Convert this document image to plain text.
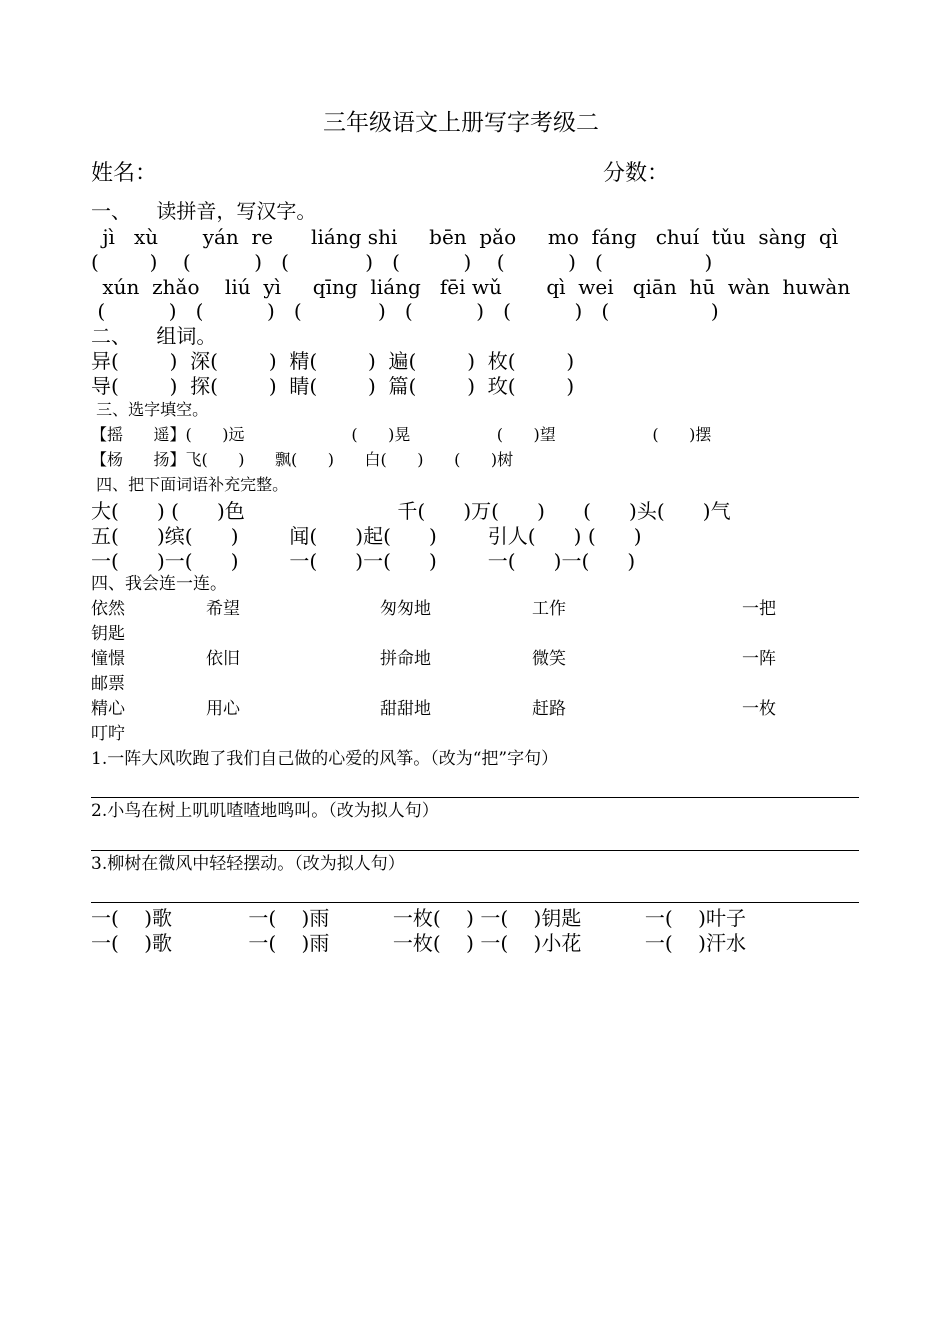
三年级语文上册写字考级二
姓名：	分数：
一、    读拼音，写汉字。
jì   xù       yán  re      liáng shi     bēn  pǎo     mo  fáng   chuí  tǔu  sàng  qì
(        )    (          )   (            )   (          )    (          )   (                )
xún  zhǎo    liú  yì     qīng  liáng   fēi wǔ       qì  wei   qiān  hū  wàn  huwàn
(          )   (          )   (            )   (          )   (          )   (                )
二、    组词。
异(        )  深(        )  精(        )  遍(        )  枚(        )
导(        )  探(        )  睛(        )  篇(        )  玫(        )
三、选字填空。
【摇      遥】(      )远                     (      )晃                 (      )望                   (      )摆
【杨      扬】飞(      )      飘(      )      白(      )      (      )树
四、把下面词语补充完整。
大(      ) (      )色                        千(      )万(      )      (      )头(      )气
五(      )缤(      )        闻(      )起(      )        引人(      ) (      )
一(      )一(      )        一(      )一(      )        一(      )一(      )
四、我会连一连。
依然	希望	匆匆地	工作	一把
钥匙
憧憬	依旧	拼命地	微笑	一阵
邮票
精心	用心	甜甜地	赶路	一枚
叮咛
1.一阵大风吹跑了我们自己做的心爱的风筝。（改为“把”字句）
2.小鸟在树上叽叽喳喳地鸣叫。（改为拟人句）
3.柳树在微风中轻轻摆动。（改为拟人句）
一(    )歌            一(    )雨          一枚(    ) 一(    )钥匙          一(    )叶子
一(    )歌            一(    )雨          一枚(    ) 一(    )小花          一(    )汗水
